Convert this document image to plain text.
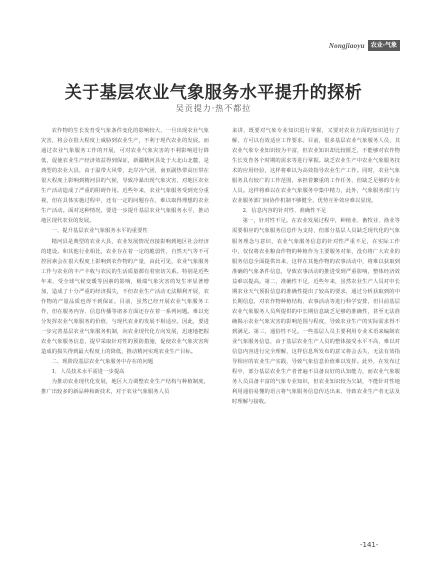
Nongjiaoyu	农业·气象
关于基层农业气象服务水平提升的探析
吴贡提力·热不都拉

农作物的生长发育受气象条件变化的影响较大，一旦出现农业气象灾害，将会在很大程度上威胁到农业生产，不利于现代农业的发展。而通过农业气象服务工作的开展，可对农业气象灾害的不利影响进行降低，促使农业生产经济效益得到保证，新疆精河县处于大北山北麓，是典型的农业大县，由于温带大风带，北岸冷气团，南亚副热带高压带在很大程度上影响到精河县的气候，导致冷暴出现气象灾害，对地区农业生产活动造成了严重的阻碍作用。近些年来，农业气象服务受到充分重视，但在具体实施过程中，还有一定的问题存在，难以取得理想的农业生产活动。面对这种情况，要进一步提升基层农业气象服务水平，推动地区现代农业的发展。

一、提升基层农业气象服务水平的重要性

精河县是典型的农业大县，农业发展情况直接影响到地区社会经济的建设。和其他行业相比，农业存在着一定的脆弱性，自然天气等不可控因素会在很大程度上影响到农作物的产量，由此可见，农业气象服务工作与农业的丰产丰收与农民的生活质量都有着密切关系。特别是近些年来，受全球气候变暖等因素的影响，极端气象灾害的发生率显著增加，造成了十分严重的经济损失，不但农业生产活动无法顺利开展，农作物的产量品质也得不到保证。目前，虽然已经开展农业气象服务工作，但在服务内容、信息传播等诸多方面还存在着一系列问题。难以充分发挥农业气象服务的价值，与现代农业的发展不相适应。因此，要进一步完善基层农业气象服务机制，向农业现代化方向发展，迅速地把握农业气象服务信息，提早采取针对性的预防措施，促使农业气象灾害所造成的损失得到最大程度上的降低，推动精河实现农业生产目标。

二、现阶段基层农业气象服务中存在的问题

1．人员技术水平需进一步提高

为推动农业现代化发展，地区大力调整农业生产结构与种植制度，推广出较多的新品种和新技术，对于农业气象服务人员

来讲，既要对气象专业知识进行掌握，又要对农业方面的知识进行了解，方可以有效适应工作要求。目前，很多基层农业气象服务人员，其农业气象专业知识较为丰富，但农业知识却比较匮乏，不能够对农作物生长发育各个时期的需求等进行掌握。缺乏农业生产中农业气象服务技术的应用经验，这样将难以为高效指导农业生产工作。同时，农业气象服务具有较广的工作范围，承担着繁重的工作任务，但缺乏足够的专业人员。这样将难以在农业气象服务中集中精力，此外，气象服务部门与农业服务部门间协作机制不够健全，优势互补效应难以显现。

2．信息内容的针对性、准确性不足

第一，针对性不足。在农业发展过程中，种植业、畜牧业、渔业等需要相应的气象服务信息作为支持，但部分基层人员缺乏现代化的气象服务理念与意识，农业气象服务信息的针对性严重不足，在实际工作中，仅仅将农业粮食作物的种植作为主要服务对象，没有将广大农业的服务信息全面提供出来，这样在其他作物的农事活动中，将难以获取到准确的气象条件信息，导致农事活动的推进受到严重影响，整体经济效益难以提高。第二，准确性不足，近些年来，虽然农业生产人员对中长期农业天气预报信息的准确性提出了较高的要求，通过分析获取到的中长期信息，对农作物种植结构、农事活动等进行科学安排，但目前基层农业气象服务人员所提供的中长期信息缺乏足够的准确性，甚至无法准确揭示农业气象灾害的影响范围与程度，导致农业生产的实际需求得不到满足。第三，通俗性不足。一些基层人员主要利用专业术语来编制农业气象服务信息，由于基层农业生产人员的整体接受水平不高，难以对信息内容进行完全理解，这样信息所发布的意义将会丢失，无法有效指导相应的农业生产实践，导致气象信息价值难以发挥。此外，在发布过程中，部分基层农业生产者普遍不具备良好的认知能力，而农业气象服务人员具备丰富的气象专业知识，但农业知识较为欠缺，不能针对性地利用通俗易懂的语言将气象服务信息传达出来，导致农业生产者无法及时理解与接收。

-141-
